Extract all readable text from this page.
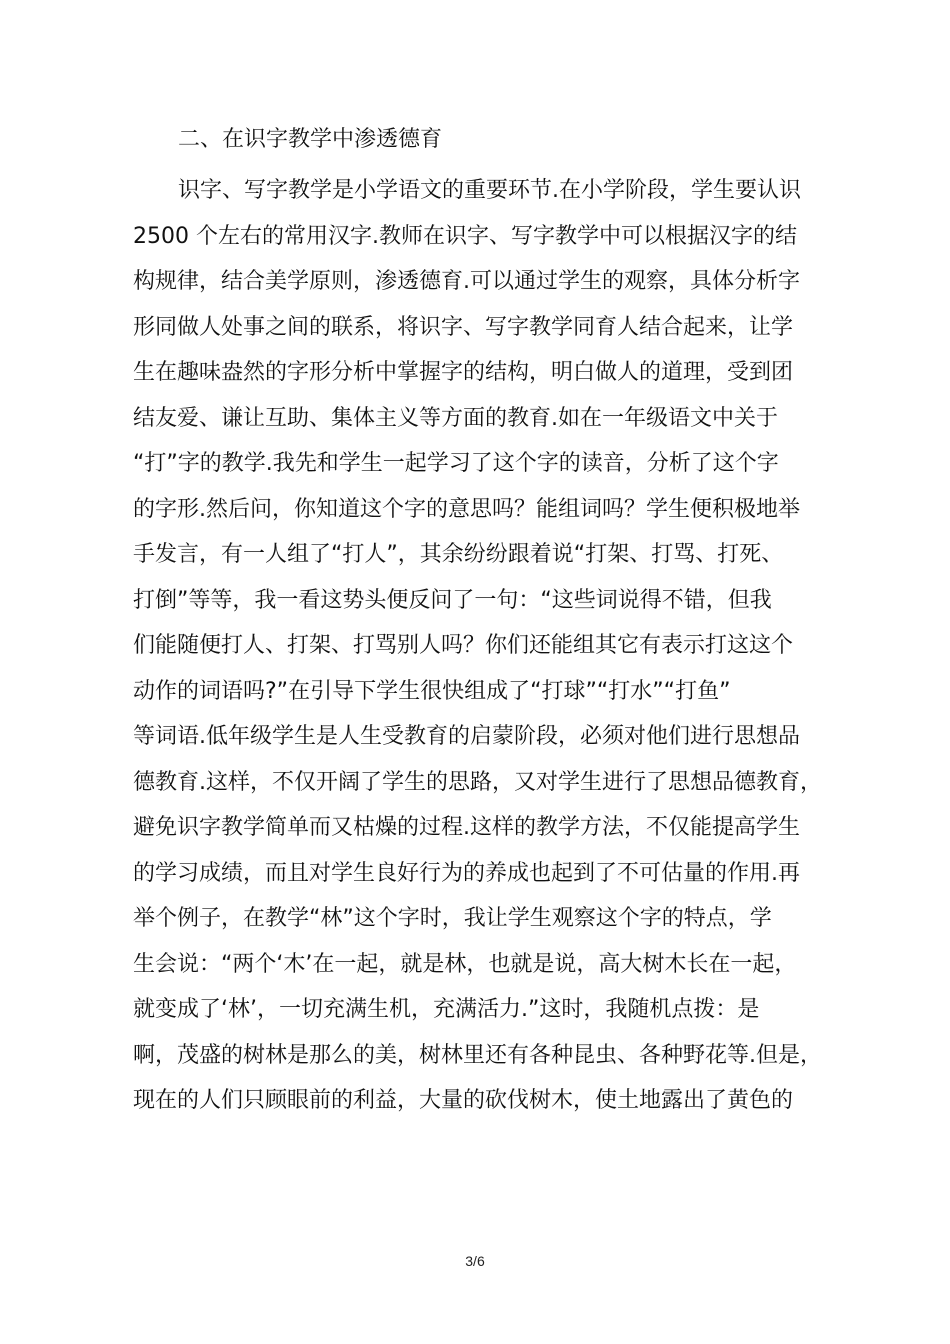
二、在识字教学中渗透德育
识字、写字教学是小学语文的重要环节.在小学阶段，学生要认识
2500 个左右的常用汉字.教师在识字、写字教学中可以根据汉字的结
构规律，结合美学原则，渗透德育.可以通过学生的观察，具体分析字
形同做人处事之间的联系，将识字、写字教学同育人结合起来，让学
生在趣味盎然的字形分析中掌握字的结构，明白做人的道理，受到团
结友爱、谦让互助、集体主义等方面的教育.如在一年级语文中关于
“打”字的教学.我先和学生一起学习了这个字的读音，分析了这个字
的字形.然后问，你知道这个字的意思吗？能组词吗？学生便积极地举
手发言，有一人组了“打人”，其余纷纷跟着说“打架、打骂、打死、
打倒”等等，我一看这势头便反问了一句：“这些词说得不错，但我
们能随便打人、打架、打骂别人吗？你们还能组其它有表示打这这个
动作的词语吗?”在引导下学生很快组成了“打球”“打水”“打鱼”
等词语.低年级学生是人生受教育的启蒙阶段，必须对他们进行思想品
德教育.这样，不仅开阔了学生的思路，又对学生进行了思想品德教育，
避免识字教学简单而又枯燥的过程.这样的教学方法，不仅能提高学生
的学习成绩，而且对学生良好行为的养成也起到了不可估量的作用.再
举个例子，在教学“林”这个字时，我让学生观察这个字的特点，学
生会说：“两个‘木’在一起，就是林，也就是说，高大树木长在一起，
就变成了‘林’，一切充满生机，充满活力.”这时，我随机点拨：是
啊，茂盛的树林是那么的美，树林里还有各种昆虫、各种野花等.但是，
现在的人们只顾眼前的利益，大量的砍伐树木，使土地露出了黄色的
3/6
